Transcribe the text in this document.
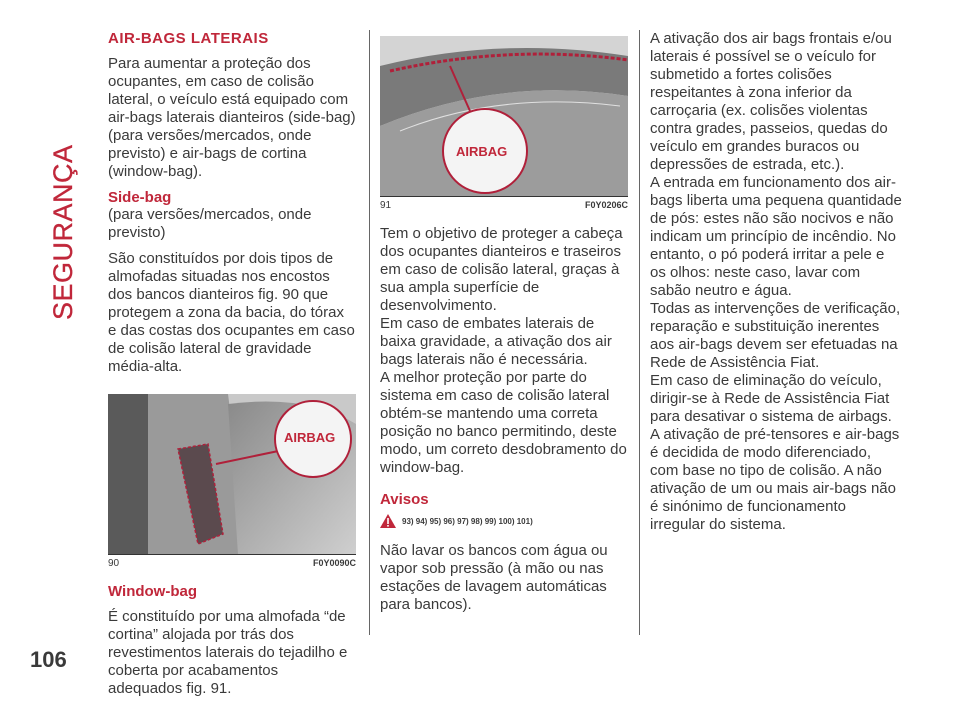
SEGURANÇA
106
AIR-BAGS LATERAIS

Para aumentar a proteção dos ocupantes, em caso de colisão lateral, o veículo está equipado com air-bags laterais dianteiros (side-bag) (para versões/mercados, onde previsto) e air-bags de cortina (window-bag).

Side-bag

(para versões/mercados, onde previsto)

São constituídos por dois tipos de almofadas situadas nos encostos dos bancos dianteiros fig. 90 que protegem a zona da bacia, do tórax e das costas dos ocupantes em caso de colisão lateral de gravidade média-alta.

AIRBAG
90	F0Y0090C
Window-bag

É constituído por uma almofada “de cortina” alojada por trás dos revestimentos laterais do tejadilho e coberta por acabamentos adequados fig. 91.

AIRBAG
91	F0Y0206C

Tem o objetivo de proteger a cabeça dos ocupantes dianteiros e traseiros em caso de colisão lateral, graças à sua ampla superfície de desenvolvimento.

Em caso de embates laterais de baixa gravidade, a ativação dos air bags laterais não é necessária.

A melhor proteção por parte do sistema em caso de colisão lateral obtém-se mantendo uma correta posição no banco permitindo, deste modo, um correto desdobramento do window-bag.

Avisos
93) 94) 95) 96) 97) 98) 99) 100) 101)

Não lavar os bancos com água ou vapor sob pressão (à mão ou nas estações de lavagem automáticas para bancos).

A ativação dos air bags frontais e/ou laterais é possível se o veículo for submetido a fortes colisões respeitantes à zona inferior da carroçaria (ex. colisões violentas contra grades, passeios, quedas do veículo em grandes buracos ou depressões de estrada, etc.).

A entrada em funcionamento dos air-bags liberta uma pequena quantidade de pós: estes não são nocivos e não indicam um princípio de incêndio. No entanto, o pó poderá irritar a pele e os olhos: neste caso, lavar com sabão neutro e água.

Todas as intervenções de verificação, reparação e substituição inerentes aos air-bags devem ser efetuadas na Rede de Assistência Fiat.

Em caso de eliminação do veículo, dirigir-se à Rede de Assistência Fiat para desativar o sistema de airbags.

A ativação de pré-tensores e air-bags é decidida de modo diferenciado, com base no tipo de colisão. A não ativação de um ou mais air-bags não é sinónimo de funcionamento irregular do sistema.
